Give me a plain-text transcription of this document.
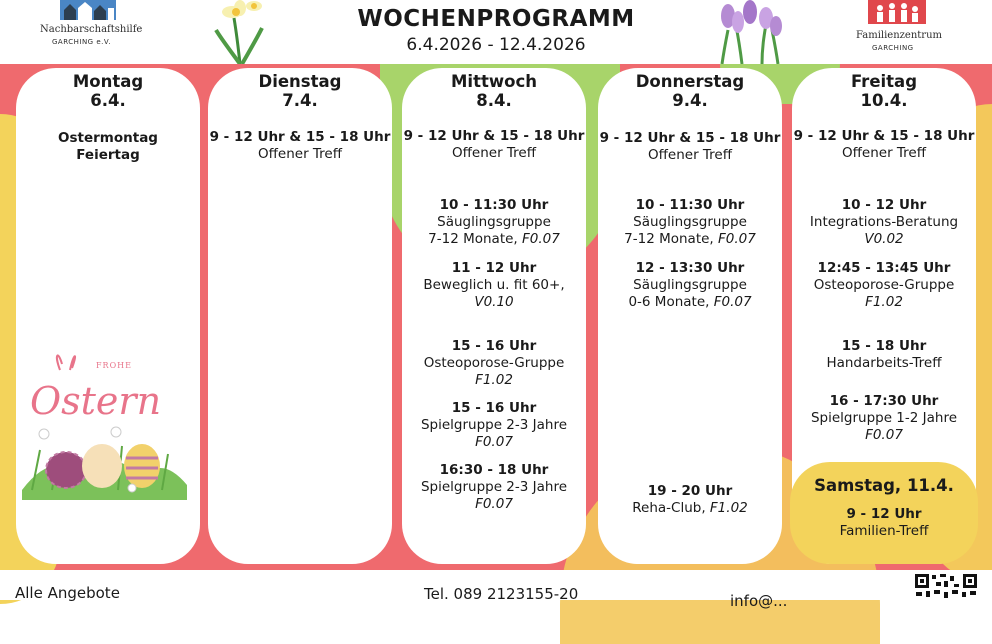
Nachbarschaftshilfe
GARCHING e.V.
WOCHENPROGRAMM
6.4.2026 - 12.4.2026	Familienzentrum
GARCHING
Montag
6.4.
Ostermontag
Feiertag
Dienstag
7.4.
9 - 12 Uhr & 15 - 18 Uhr
Offener Treff
Mittwoch
8.4.
9 - 12 Uhr & 15 - 18 Uhr
Offener Treff
10 - 11:30 Uhr
Säuglingsgruppe
7-12 Monate, F0.07
11 - 12 Uhr
Beweglich u. fit 60+, V0.10
15 - 16 Uhr
Osteoporose-Gruppe
F1.02
15 - 16 Uhr
Spielgruppe 2-3 Jahre
F0.07
16:30 - 18 Uhr
Spielgruppe 2-3 Jahre
F0.07
Donnerstag
9.4.
9 - 12 Uhr & 15 - 18 Uhr
Offener Treff
10 - 11:30 Uhr
Säuglingsgruppe
7-12 Monate, F0.07
12 - 13:30 Uhr
Säuglingsgruppe
0-6 Monate, F0.07
19 - 20 Uhr
Reha-Club, F1.02
Freitag
10.4.
9 - 12 Uhr & 15 - 18 Uhr
Offener Treff
10 - 12 Uhr
Integrations-Beratung
V0.02
12:45 - 13:45 Uhr
Osteoporose-Gruppe
F1.02
15 - 18 Uhr
Handarbeits-Treff
16 - 17:30 Uhr
Spielgruppe 1-2 Jahre
F0.07
Samstag, 11.4.
9 - 12 Uhr
Familien-Treff
FROHE
Ostern
Alle Angebote	Tel. 089 2123155-20	info@...
